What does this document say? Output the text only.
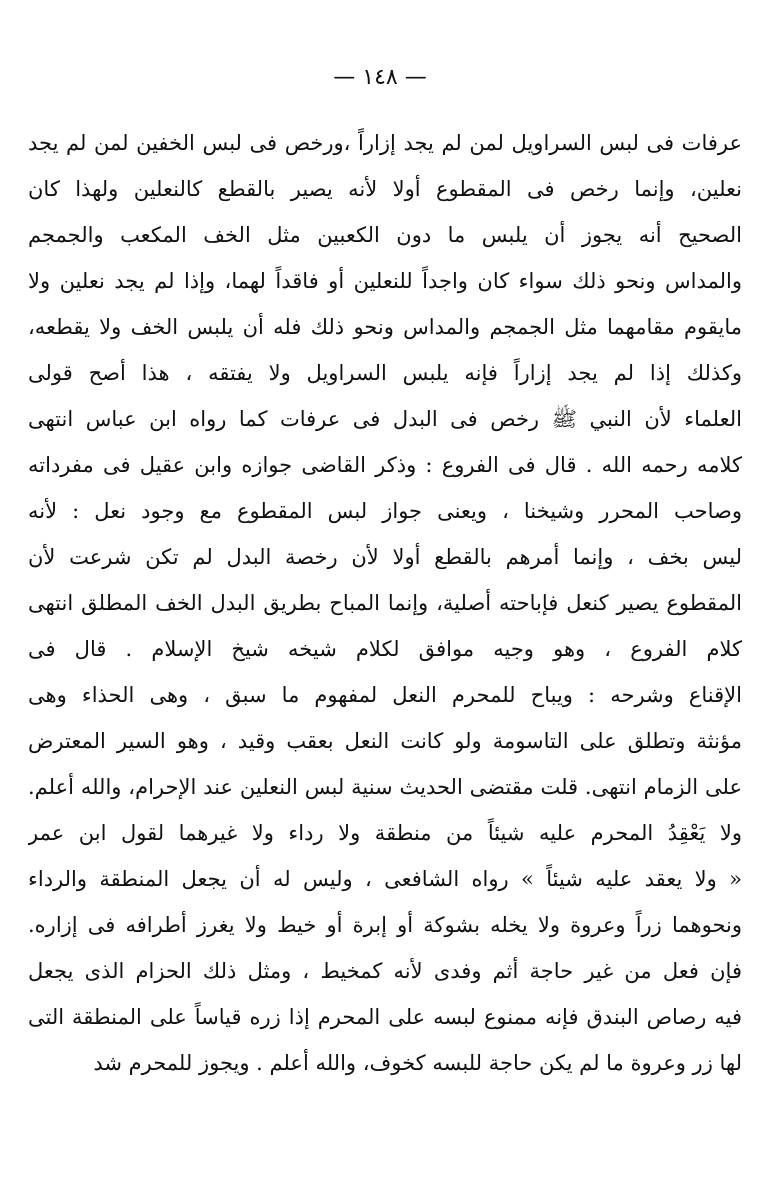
— ١٤٨ —
عرفات فى لبس السراويل لمن لم يجد إزاراً ،ورخص فى لبس الخفين لمن لم يجد
نعلين، وإنما رخص فى المقطوع أولا لأنه يصير بالقطع كالنعلين ولهذا كان
الصحيح أنه يجوز أن يلبس ما دون الكعبين مثل الخف المكعب والجمجم
والمداس ونحو ذلك سواء كان واجداً للنعلين أو فاقداً لهما، وإذا لم يجد نعلين ولا
مايقوم مقامهما مثل الجمجم والمداس ونحو ذلك فله أن يلبس الخف ولا يقطعه،
وكذلك إذا لم يجد إزاراً فإنه يلبس السراويل ولا يفتقه ، هذا أصح قولى
العلماء لأن النبي ﷺ رخص فى البدل فى عرفات كما رواه ابن عباس انتهى
كلامه رحمه الله . قال فى الفروع : وذكر القاضى جوازه وابن عقيل فى مفرداته
وصاحب المحرر وشيخنا ، ويعنى جواز لبس المقطوع مع وجود نعل : لأنه
ليس بخف ، وإنما أمرهم بالقطع أولا لأن رخصة البدل لم تكن شرعت لأن
المقطوع يصير كنعل فإباحته أصلية، وإنما المباح بطريق البدل الخف المطلق انتهى
كلام الفروع ، وهو وجيه موافق لكلام شيخه شيخ الإسلام . قال فى
الإقناع وشرحه : ويباح للمحرم النعل لمفهوم ما سبق ، وهى الحذاء وهى
مؤنثة وتطلق على التاسومة ولو كانت النعل بعقب وقيد ، وهو السير المعترض
على الزمام انتهى. قلت مقتضى الحديث سنية لبس النعلين عند الإحرام، والله أعلم.
ولا يَعْقِدُ المحرم عليه شيئاً من منطقة ولا رداء ولا غيرهما لقول ابن عمر
« ولا يعقد عليه شيئاً » رواه الشافعى ، وليس له أن يجعل المنطقة والرداء
ونحوهما زراً وعروة ولا يخله بشوكة أو إبرة أو خيط ولا يغرز أطرافه فى إزاره.
فإن فعل من غير حاجة أثم وفدى لأنه كمخيط ، ومثل ذلك الحزام الذى يجعل
فيه رصاص البندق فإنه ممنوع لبسه على المحرم إذا زره قياساً على المنطقة التى
لها زر وعروة ما لم يكن حاجة للبسه كخوف، والله أعلم . ويجوز للمحرم شد
